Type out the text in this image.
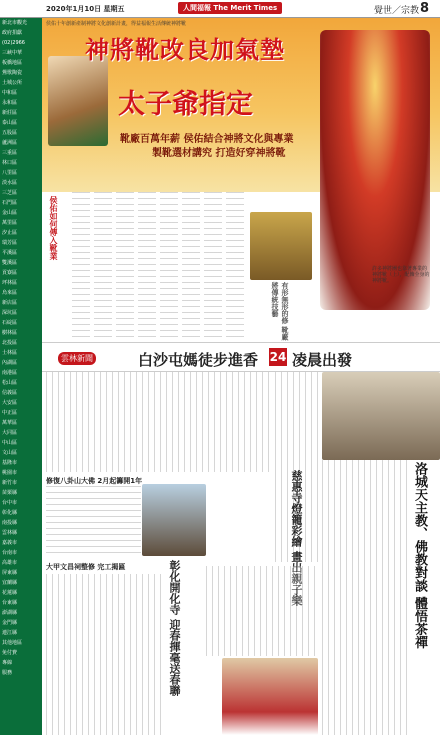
2020年1月10日 星期五	人間福報 The Merit Times	覺世／宗教 8
新北市觀光
政府捐獻
(02)2966
三峽中華
板橋地區
鶯歌陶瓷
土城公所
中和區
永和區
新莊區
泰山區
五股區
蘆洲區
三重區
林口區
八里區
淡水區
三芝區
石門區
金山區
萬里區
汐止區
瑞芳區
平溪區
雙溪區
貢寮區
坪林區
烏來區
新店區
深坑區
石碇區
樹林區
北投區
士林區
內湖區
南港區
松山區
信義區
大安區
中正區
萬華區
大同區
中山區
文山區
基隆市
桃園市
新竹市
苗栗縣
台中市
彰化縣
南投縣
雲林縣
嘉義市
台南市
高雄市
屏東縣
宜蘭縣
花蓮縣
台東縣
澎湖縣
金門縣
連江縣
其他地區
免付費
專線
服務
侯佑十年創新產制神將文化創新計畫，得益福報生活傳統神將靴
神將靴改良加氣墊
太子爺指定
靴廠百萬年薪 侯佑結合神將文化與專業
製靴選材講究 打造好穿神將靴
許多神將團也靠著專業的神將靴（上），配飾全身的神將靴。
侯佑如何傳入靴業
有形無形的修 靴廠將傳統技藝
雲林新聞	白沙屯媽徒步進香 24 凌晨出發
慈惠寺燈籠彩繪 畫出親子樂	洛城天主教、佛教對談 體悟茶禪
修復八卦山大佛 2月起籌開1年
大甲文昌祠整修 完工揭匾	彰化開化寺 迎春揮毫送春聯
